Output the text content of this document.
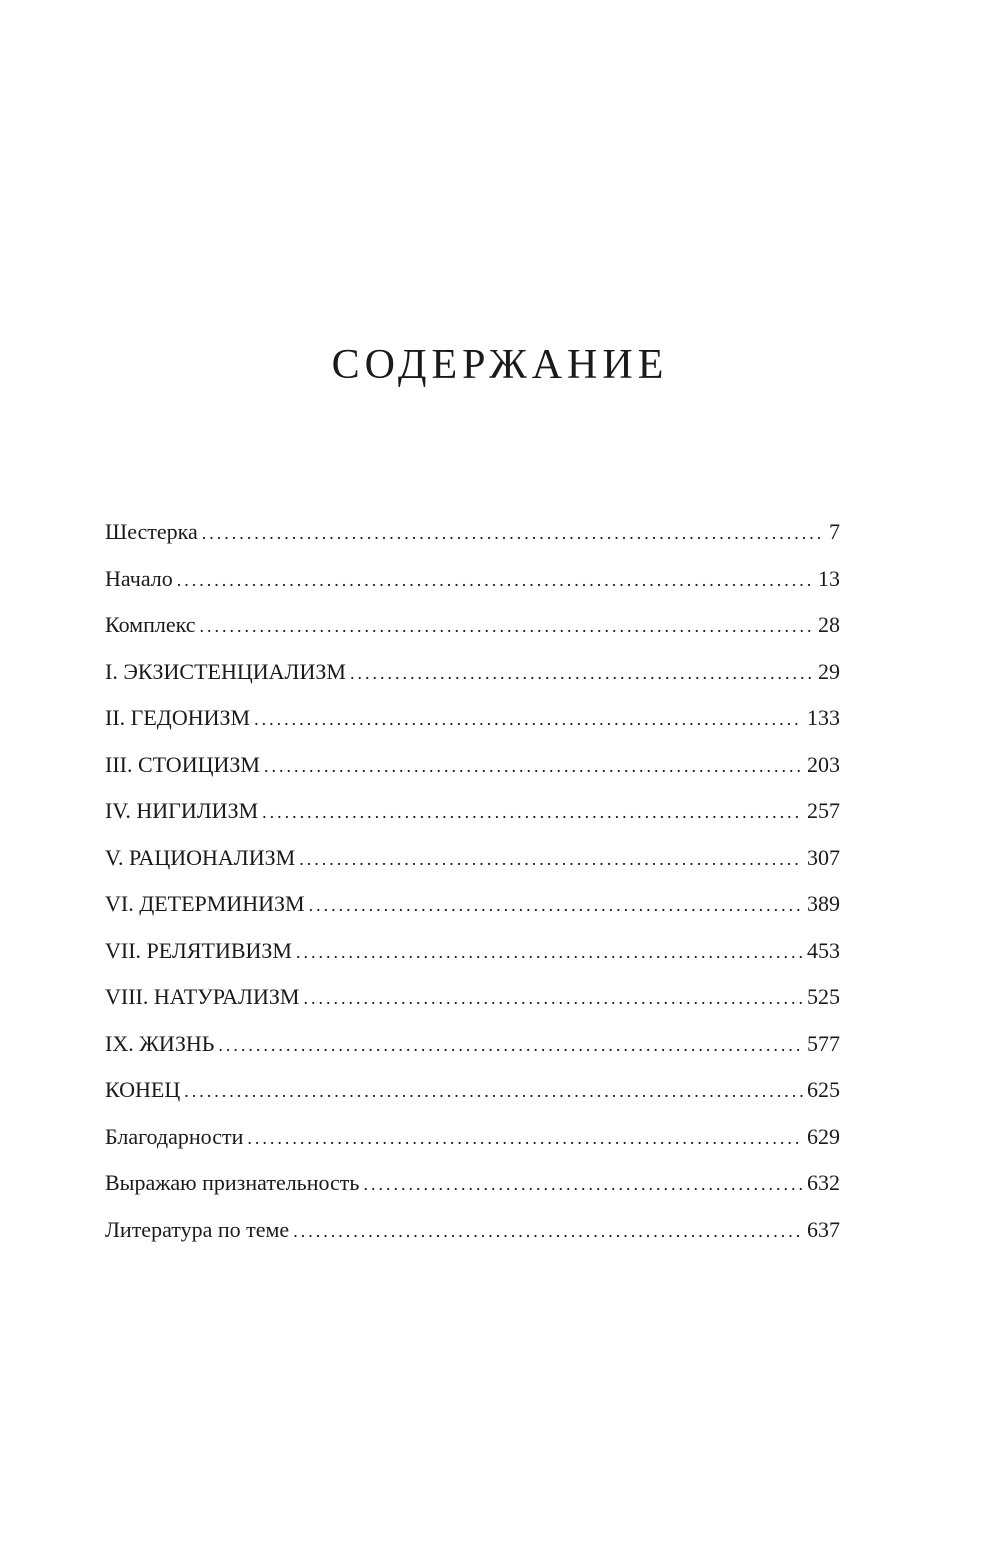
СОДЕРЖАНИЕ
Шестерка .....	7
Начало .....	13
Комплекс .....	28
I. ЭКЗИСТЕНЦИАЛИЗМ .....	29
II. ГЕДОНИЗМ .....	133
III. СТОИЦИЗМ .....	203
IV. НИГИЛИЗМ .....	257
V. РАЦИОНАЛИЗМ .....	307
VI. ДЕТЕРМИНИЗМ .....	389
VII. РЕЛЯТИВИЗМ .....	453
VIII. НАТУРАЛИЗМ .....	525
IX. ЖИЗНЬ .....	577
КОНЕЦ .....	625
Благодарности .....	629
Выражаю признательность .....	632
Литература по теме .....	637
